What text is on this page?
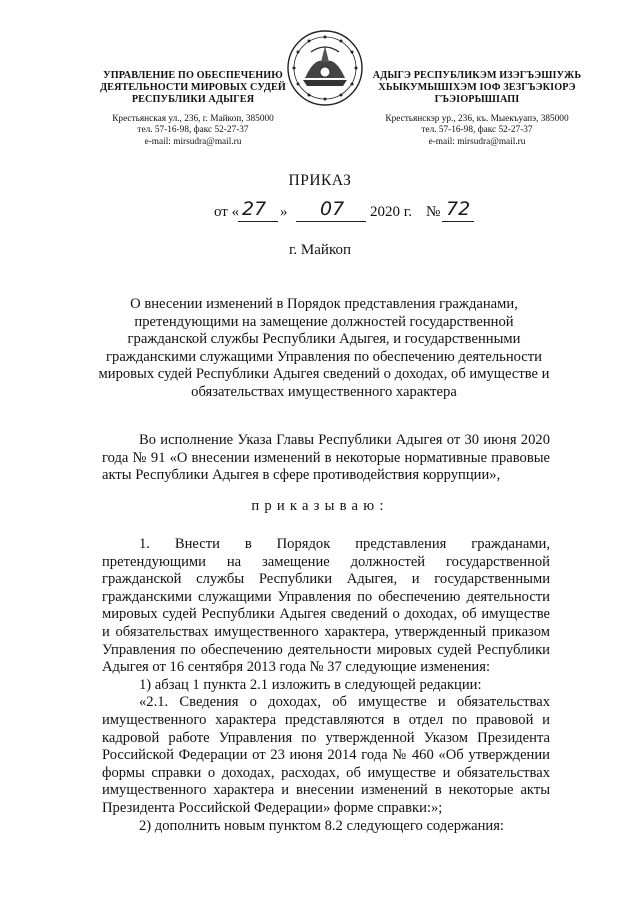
УПРАВЛЕНИЕ ПО ОБЕСПЕЧЕНИЮ
ДЕЯТЕЛЬНОСТИ МИРОВЫХ СУДЕЙ
РЕСПУБЛИКИ АДЫГЕЯ
Крестьянская ул., 236, г. Майкоп, 385000
тел. 57-16-98, факс 52-27-37
e-mail: mirsudra@mail.ru
АДЫГЭ РЕСПУБЛИКЭМ ИЗЭГЪЭШIУЖЬ
ХЬЫКУМЫШIХЭМ IОФ ЗЕЗГЪЭКIОРЭ
ГЪЭIОРЫШIАПI
Крестьянскэр ур., 236, къ. Мыекъуапэ, 385000
тел. 57-16-98, факс 52-27-37
e-mail: mirsudra@mail.ru
ПРИКАЗ
от « 27 » 07 2020 г. № 72
г. Майкоп
О внесении изменений в Порядок представления гражданами, претендующими на замещение должностей государственной гражданской службы Республики Адыгея, и государственными гражданскими служащими Управления по обеспечению деятельности мировых судей Республики Адыгея сведений о доходах, об имуществе и обязательствах имущественного характера

Во исполнение Указа Главы Республики Адыгея от 30 июня 2020 года № 91 «О внесении изменений в некоторые нормативные правовые акты Республики Адыгея в сфере противодействия коррупции»,

приказываю:

1. Внести в Порядок представления гражданами, претендующими на замещение должностей государственной гражданской службы Республики Адыгея, и государственными гражданскими служащими Управления по обеспечению деятельности мировых судей Республики Адыгея сведений о доходах, об имуществе и обязательствах имущественного характера, утвержденный приказом Управления по обеспечению деятельности мировых судей Республики Адыгея от 16 сентября 2013 года № 37 следующие изменения:

1) абзац 1 пункта 2.1 изложить в следующей редакции:

«2.1. Сведения о доходах, об имуществе и обязательствах имущественного характера представляются в отдел по правовой и кадровой работе Управления по утвержденной Указом Президента Российской Федерации от 23 июня 2014 года № 460 «Об утверждении формы справки о доходах, расходах, об имуществе и обязательствах имущественного характера и внесении изменений в некоторые акты Президента Российской Федерации» форме справки:»;

2) дополнить новым пунктом 8.2 следующего содержания:
